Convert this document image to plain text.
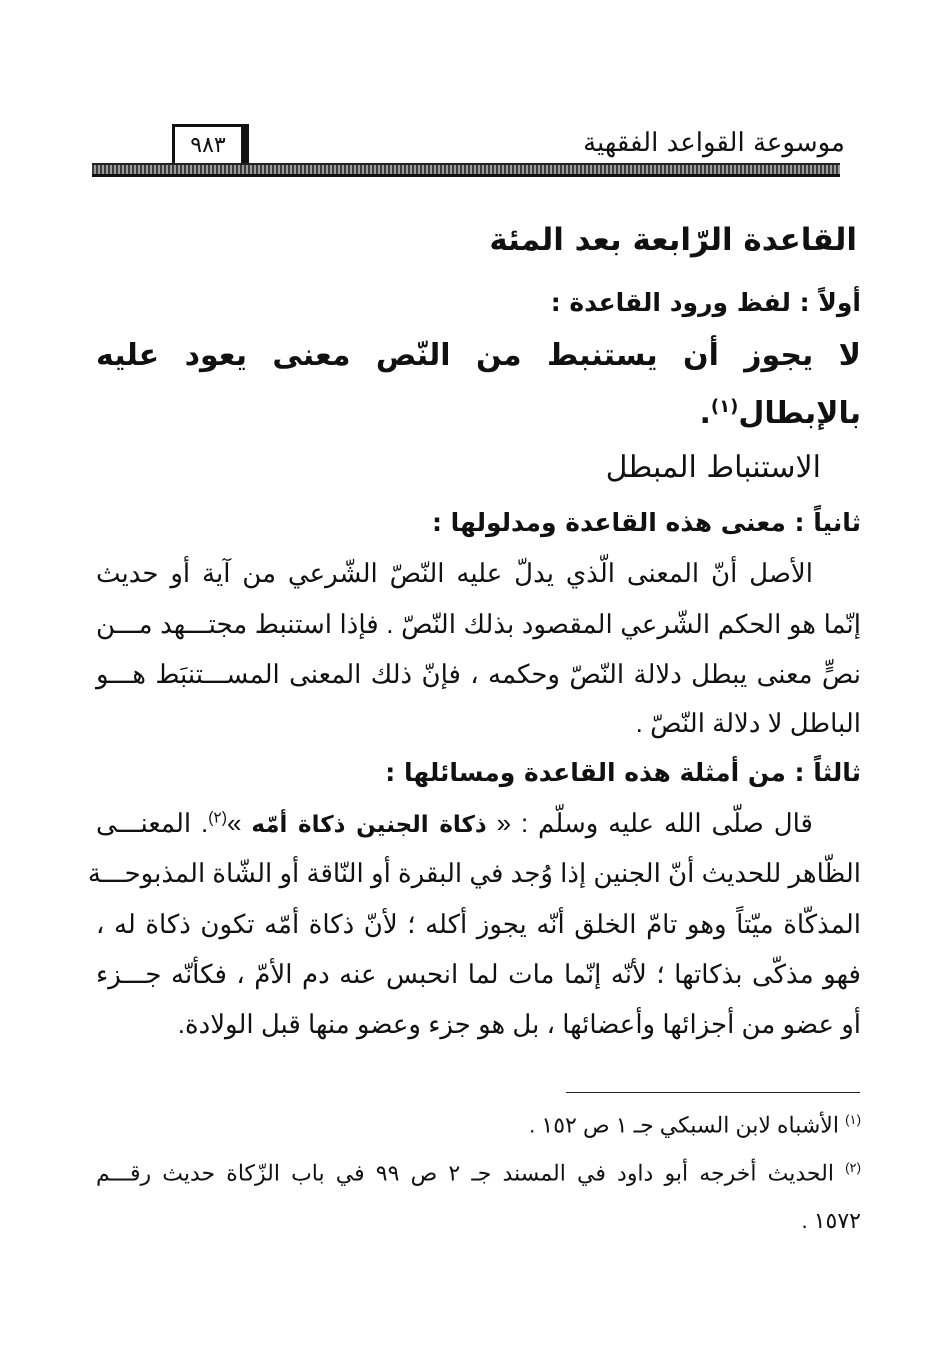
موسوعة القواعد الفقهية
٩٨٣
القاعدة الرّابعة بعد المئة
أولاً : لفظ ورود القاعدة :
لا يجوز أن يستنبط من النّص معنى يعود عليه
بالإبطال$^{(١)}$.
الاستنباط المبطل
ثانياً : معنى هذه القاعدة ومدلولها :
الأصل أنّ المعنى الّذي يدلّ عليه النّصّ الشّرعي من آية أو حديث
إنّما هو الحكم الشّرعي المقصود بذلك النّصّ . فإذا استنبط مجتـــهد مـــن
نصٍّ معنى يبطل دلالة النّصّ وحكمه ، فإنّ ذلك المعنى المســـتنبَط هـــو
الباطل لا دلالة النّصّ .
ثالثاً : من أمثلة هذه القاعدة ومسائلها :
قال صلّى الله عليه وسلّم : « ذكاة الجنين ذكاة أمّه »$^{(٢)}$. المعنـــى
الظّاهر للحديث أنّ الجنين إذا وُجد في البقرة أو النّاقة أو الشّاة المذبوحـــة
المذكّاة ميّتاً وهو تامّ الخلق أنّه يجوز أكله ؛ لأنّ ذكاة أمّه تكون ذكاة له ،
فهو مذكّى بذكاتها ؛ لأنّه إنّما مات لما انحبس عنه دم الأمّ ، فكأنّه جـــزء
أو عضو من أجزائها وأعضائها ، بل هو جزء وعضو منها قبل الولادة.
$^{(١)}$ الأشباه لابن السبكي جـ ١ ص ١٥٢ .
$^{(٢)}$ الحديث أخرجه أبو داود في المسند جـ ٢ ص ٩٩ في باب الزّكاة حديث رقـــم
١٥٧٢ .
